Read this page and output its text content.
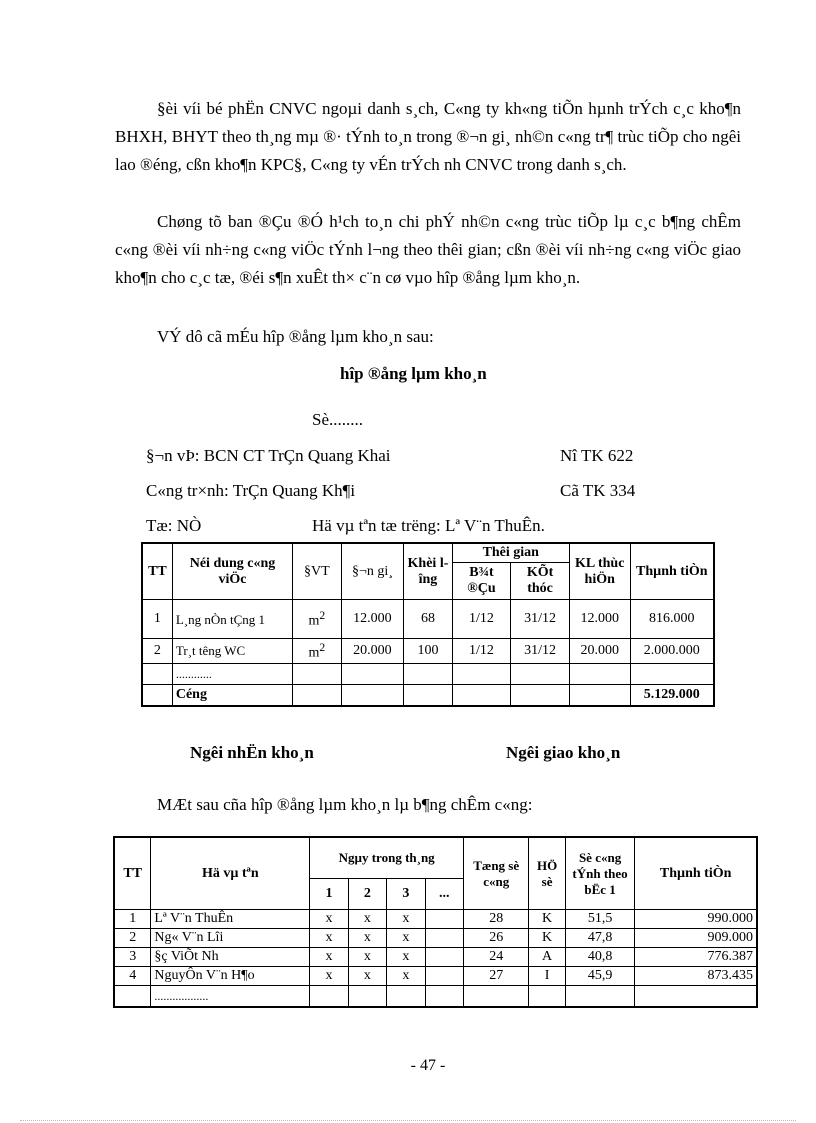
§èi víi bé phËn CNVC ngoµi danh s¸ch, C«ng ty kh«ng tiÕn hµnh trÝch c¸c kho¶n BHXH, BHYT theo th¸ng mµ ®· tÝnh to¸n trong ®¬n gi¸ nh©n c«ng tr¶ trùc tiÕp cho ngêi lao ®éng, cßn kho¶n KPC§, C«ng ty vÉn trÝch nh CNVC trong danh s¸ch.
Chøng tõ ban ®Çu ®Ó h¹ch to¸n chi phÝ nh©n c«ng trùc tiÕp lµ c¸c b¶ng chÊm c«ng ®èi víi nh÷ng c«ng viÖc tÝnh l¬ng theo thêi gian; cßn ®èi víi nh÷ng c«ng viÖc giao kho¶n cho c¸c tæ, ®éi s¶n xuÊt th× c¨n cø vµo hîp ®ång lµm kho¸n.
VÝ dô cã mÉu hîp ®ång lµm kho¸n sau:
hîp ®ång lµm kho¸n
Sè........
§¬n vÞ: BCN CT TrÇn Quang Khai	Nî TK 622
C«ng tr×nh: TrÇn Quang Kh¶i	Cã TK 334
Tæ: NÒ	Hä vµ tªn tæ trëng: Lª V¨n ThuÊn.
TT	Néi dung c«ng viÖc	§VT	§¬n gi¸	Khèi lîng	Thêi gian		KL thùc hiÖn	Thµnh tiÒn
					B¾t ®Çu	KÕt thóc		
1	L¸ng nÒn tÇng 1	$m^2$	12.000	68	1/12	31/12	12.000	816.000
2	Tr¸t têng WC	$m^2$	20.000	100	1/12	31/12	20.000	2.000.000
	............							
	Céng							5.129.000
Ngêi nhËn kho¸n	Ngêi giao kho¸n
MÆt sau cña hîp ®ång lµm kho¸n lµ b¶ng chÊm c«ng:
TT	Hä vµ tªn	Ngµy trong th¸ng				Tæng sè c«ng	HÖ sè	Sè c«ng tÝnh theo bËc 1	Thµnh tiÒn
		1	2	3	...				
1	Lª V¨n ThuÊn	x	x	x		28	K	51,5	990.000
2	Ng« V¨n Lîi	x	x	x		26	K	47,8	909.000
3	§ç ViÕt Nh	x	x	x		24	A	40,8	776.387
4	NguyÔn V¨n H¶o	x	x	x		27	I	45,9	873.435
	..................								
- 47 -
